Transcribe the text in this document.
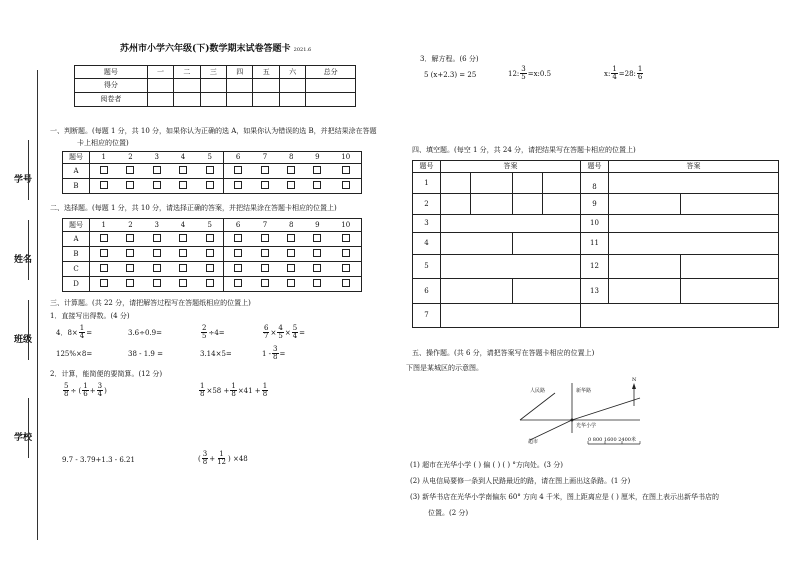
苏州市小学六年级(下)数学期末试卷答题卡 2021.6
学号
姓名
班级
学校
题号	一	二	三	四	五	六	总分
得分							
阅卷者							
一、判断题。(每题 1 分，共 10 分，如果你认为正确的选 A，如果你认为错误的选 B，并把结果涂在答题
卡上相应的位置)
题号	1	2	3	4	5	6	7	8	9	10
A										
B										
二、选择题。(每题 1 分，共 10 分，请选择正确的答案，并把结果涂在答题卡相应的位置上)
题号	1	2	3	4	5	6	7	8	9	10
A										
B										
C										
D										
三、计算题。(共 22 分，请把解答过程写在答题纸相应的位置上)
1．直接写出得数。(4 分)
4．$8\times \frac{1}{4}$ =	3.6÷0.9=	$\frac{2}{5} \div 4=$	$\frac{6}{7} \times \frac{4}{5} \times \frac{5}{4}$ =
125%×8=	38 - 1.9 =	3.14×5=	$1 - \frac{3}{8}$ =
2．计算，能简便的要简算。(12 分)
$\frac{5}{8}$ ÷ ( $\frac{1}{6} + \frac{3}{4}$ )	$\frac{1}{8} \times 58 + \frac{1}{8} \times 41 + \frac{1}{8}$
9.7 - 3.79+1.3 - 6.21	( $\frac{3}{8} + \frac{1}{12}$ ) ×48
3．解方程。(6 分)
5 (x+2.3) = 25	12: $\frac{3}{5}$ =x:0.5	x: $\frac{1}{4} =28$: $\frac{1}{6}$
四、填空题。(每空 1 分，共 24 分，请把结果写在答题卡相应的位置上)
题号	答案				题号	答案	
1					8		
2					9		
3					10		
4					11		
5					12		
6					13		
7							
五、操作题。(共 6 分，请把答案写在答题卡相应的位置上)
下图是某城区的示意图。
人民路	新华路
光华小学
超市
N
0 800 1600 2400米
(1) 超市在光华小学 ( ) 偏 ( ) ( ) °方向处。(3 分)
(2) 从电信局要修一条到人民路最近的路，请在图上画出这条路。(1 分)
(3) 新华书店在光华小学南偏东 60° 方向 4 千米，图上距离应是 ( ) 厘米，在图上表示出新华书店的
位置。(2 分)
